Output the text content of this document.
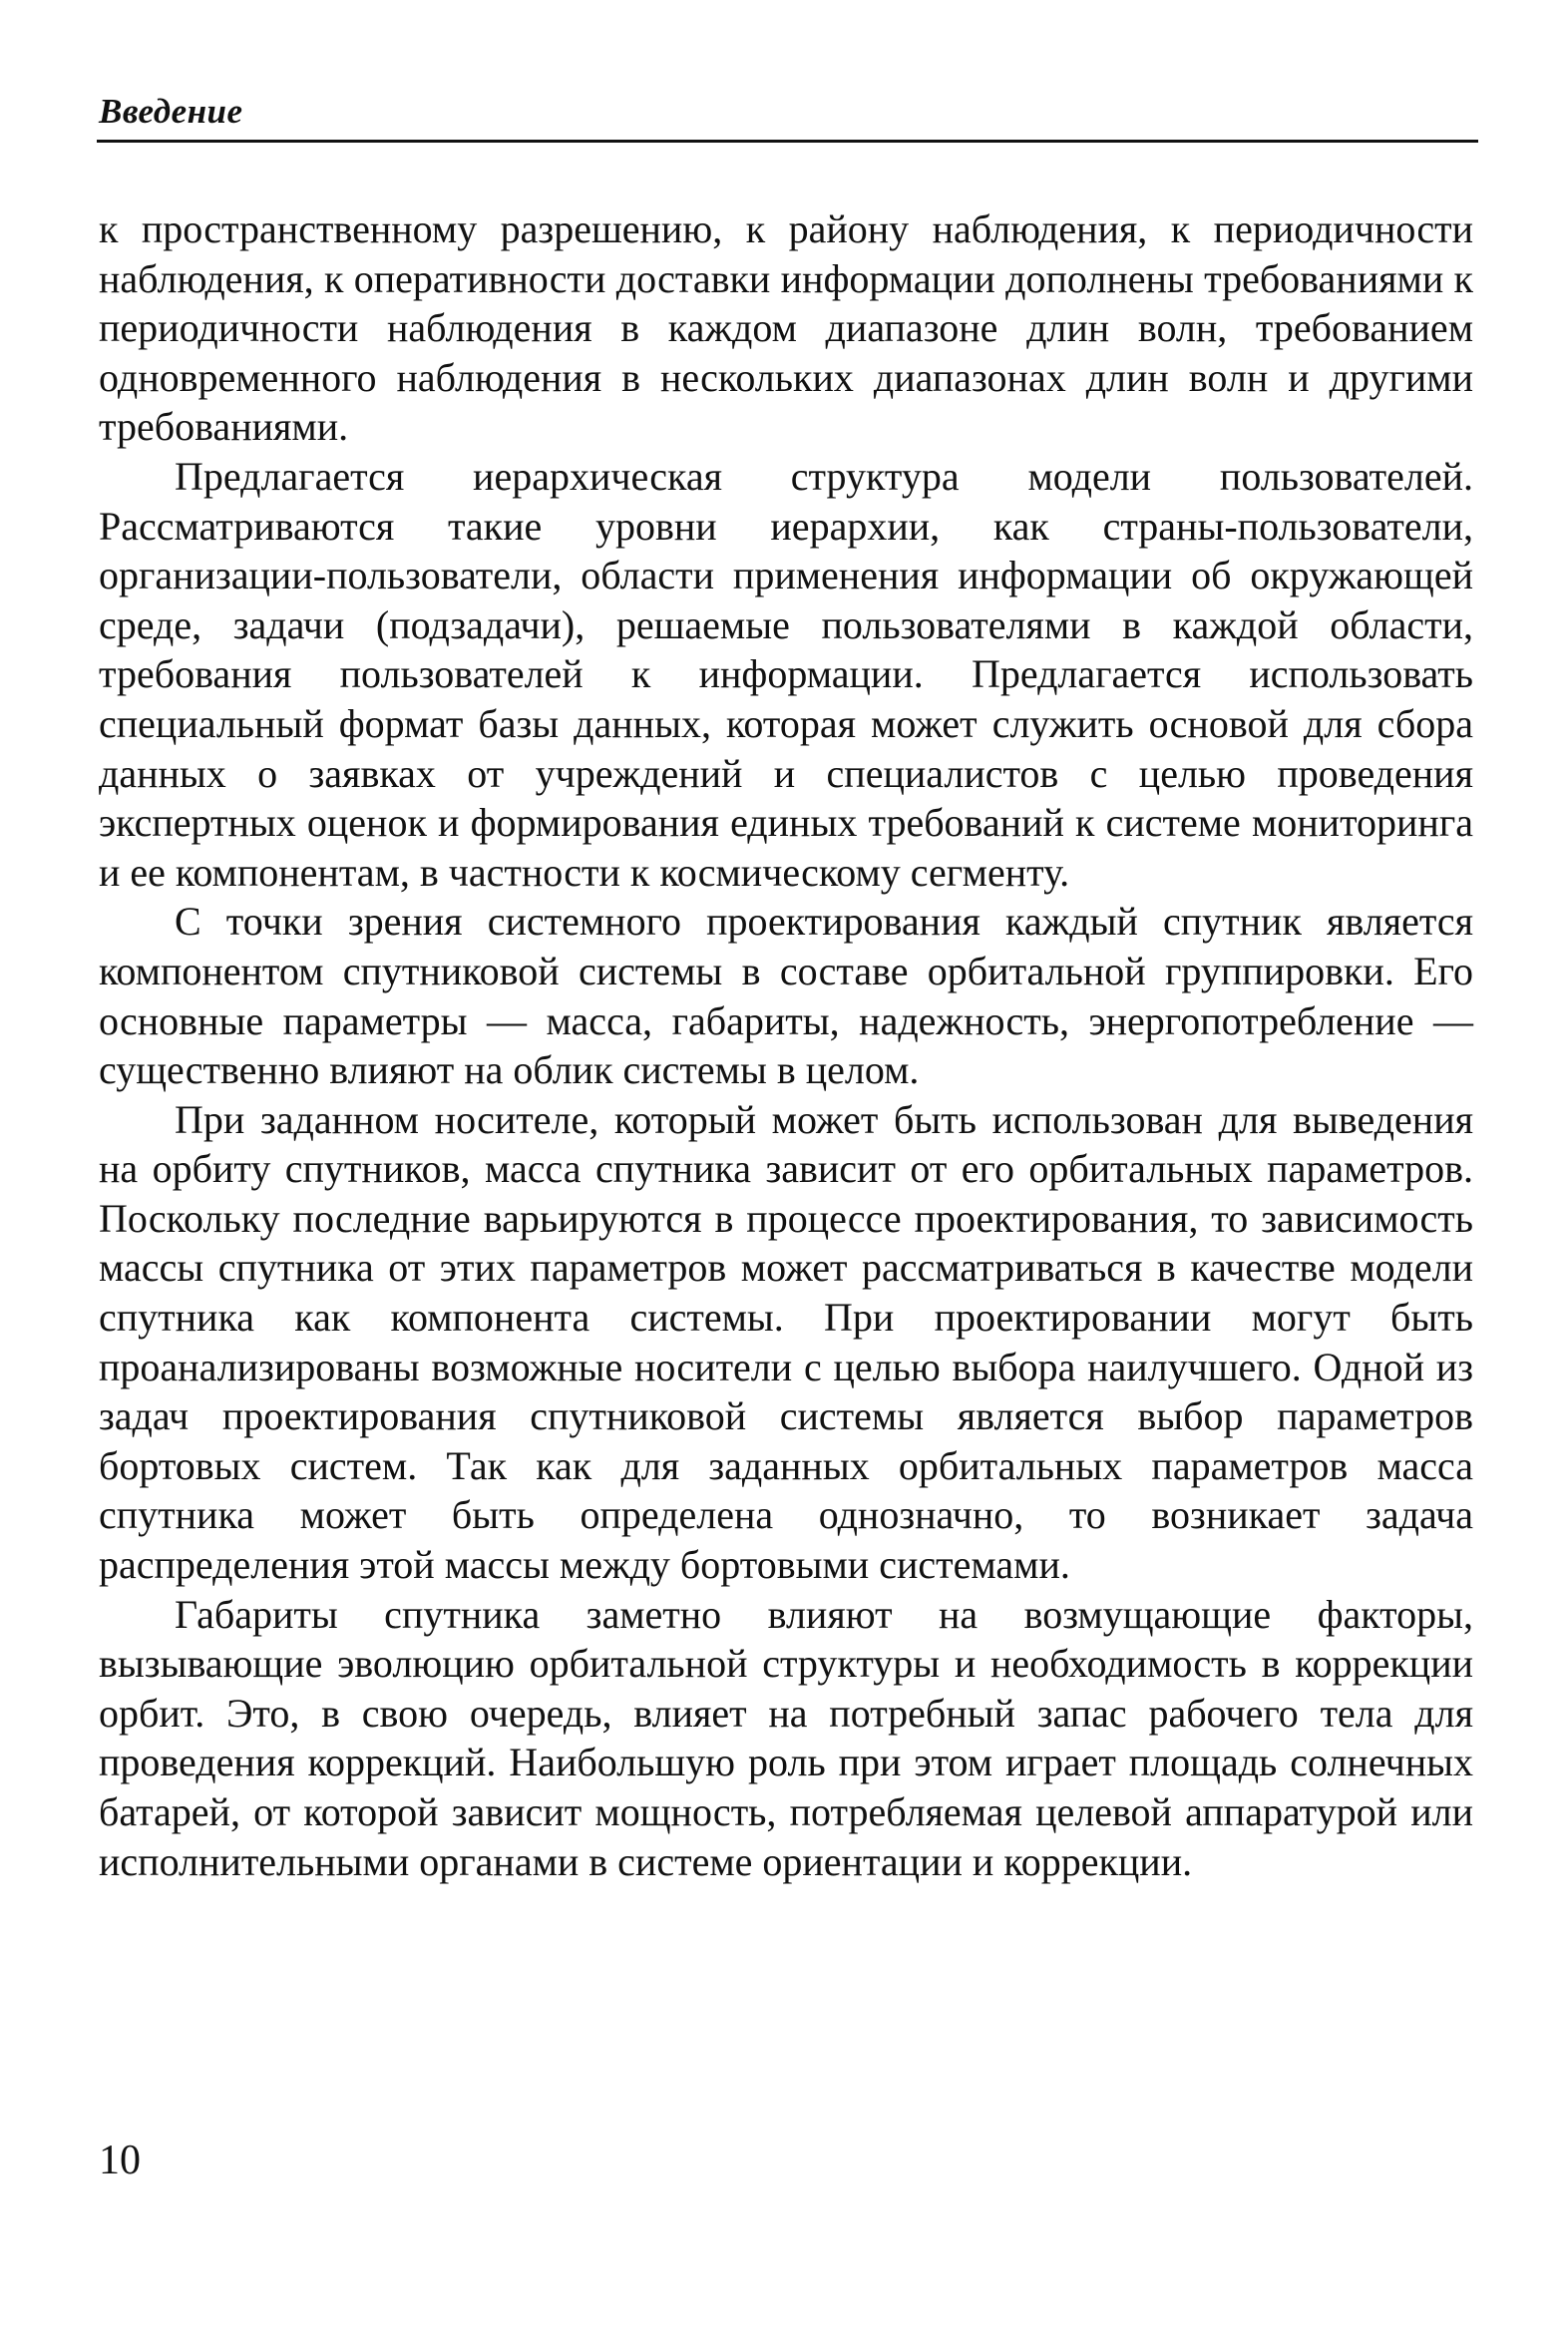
Введение

к пространственному разрешению, к району наблюдения, к периодичности наблюдения, к оперативности доставки информации дополнены требованиями к периодичности наблюдения в каждом диапазоне длин волн, требованием одновременного наблюдения в нескольких диапазонах длин волн и другими требованиями.

Предлагается иерархическая структура модели пользователей. Рассматриваются такие уровни иерархии, как страны-пользователи, организации-пользователи, области применения информации об окружающей среде, задачи (подзадачи), решаемые пользователями в каждой области, требования пользователей к информации. Предлагается использовать специальный формат базы данных, которая может служить основой для сбора данных о заявках от учреждений и специалистов с целью проведения экспертных оценок и формирования единых требований к системе мониторинга и ее компонентам, в частности к космическому сегменту.

С точки зрения системного проектирования каждый спутник является компонентом спутниковой системы в составе орбитальной группировки. Его основные параметры — масса, габариты, надежность, энергопотребление — существенно влияют на облик системы в целом.

При заданном носителе, который может быть использован для выведения на орбиту спутников, масса спутника зависит от его орбитальных параметров. Поскольку последние варьируются в процессе проектирования, то зависимость массы спутника от этих параметров может рассматриваться в качестве модели спутника как компонента системы. При проектировании могут быть проанализированы возможные носители с целью выбора наилучшего. Одной из задач проектирования спутниковой системы является выбор параметров бортовых систем. Так как для заданных орбитальных параметров масса спутника может быть определена однозначно, то возникает задача распределения этой массы между бортовыми системами.

Габариты спутника заметно влияют на возмущающие факторы, вызывающие эволюцию орбитальной структуры и необходимость в коррекции орбит. Это, в свою очередь, влияет на потребный запас рабочего тела для проведения коррекций. Наибольшую роль при этом играет площадь солнечных батарей, от которой зависит мощность, потребляемая целевой аппаратурой или исполнительными органами в системе ориентации и коррекции.

10
